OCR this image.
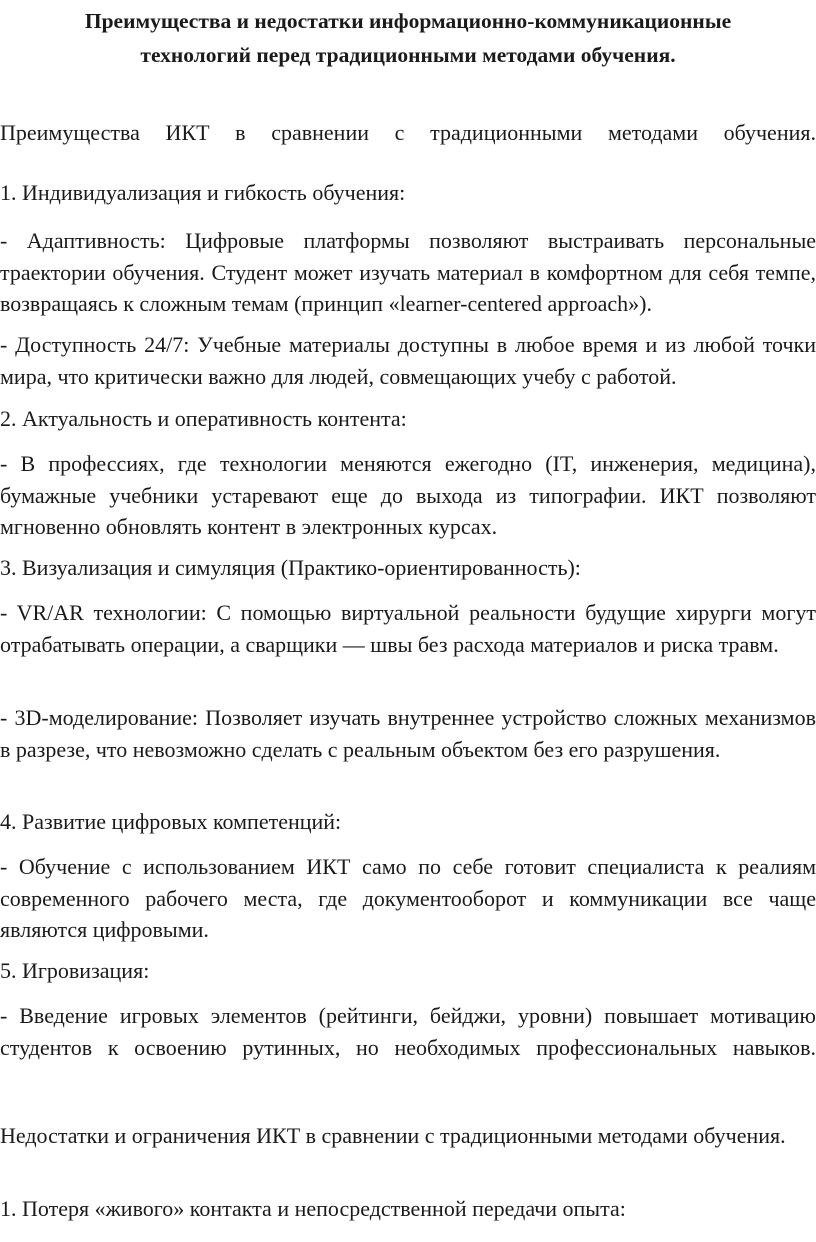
Преимущества и недостатки информационно-коммуникационные

технологий перед традиционными методами обучения.

Преимущества ИКТ в сравнении с традиционными методами обучения.

1. Индивидуализация и гибкость обучения:

- Адаптивность: Цифровые платформы позволяют выстраивать персональные траектории обучения. Студент может изучать материал в комфортном для себя темпе, возвращаясь к сложным темам (принцип «learner-centered approach»).

- Доступность 24/7: Учебные материалы доступны в любое время и из любой точки мира, что критически важно для людей, совмещающих учебу с работой.

2. Актуальность и оперативность контента:

- В профессиях, где технологии меняются ежегодно (IT, инженерия, медицина), бумажные учебники устаревают еще до выхода из типографии. ИКТ позволяют мгновенно обновлять контент в электронных курсах.

3. Визуализация и симуляция (Практико-ориентированность):

- VR/AR технологии: С помощью виртуальной реальности будущие хирурги могут отрабатывать операции, а сварщики — швы без расхода материалов и риска травм.

- 3D-моделирование: Позволяет изучать внутреннее устройство сложных механизмов в разрезе, что невозможно сделать с реальным объектом без его разрушения.

4. Развитие цифровых компетенций:

- Обучение с использованием ИКТ само по себе готовит специалиста к реалиям современного рабочего места, где документооборот и коммуникации все чаще являются цифровыми.

5. Игровизация:

- Введение игровых элементов (рейтинги, бейджи, уровни) повышает мотивацию студентов к освоению рутинных, но необходимых профессиональных навыков.

Недостатки и ограничения ИКТ в сравнении с традиционными методами обучения.

1. Потеря «живого» контакта и непосредственной передачи опыта:
